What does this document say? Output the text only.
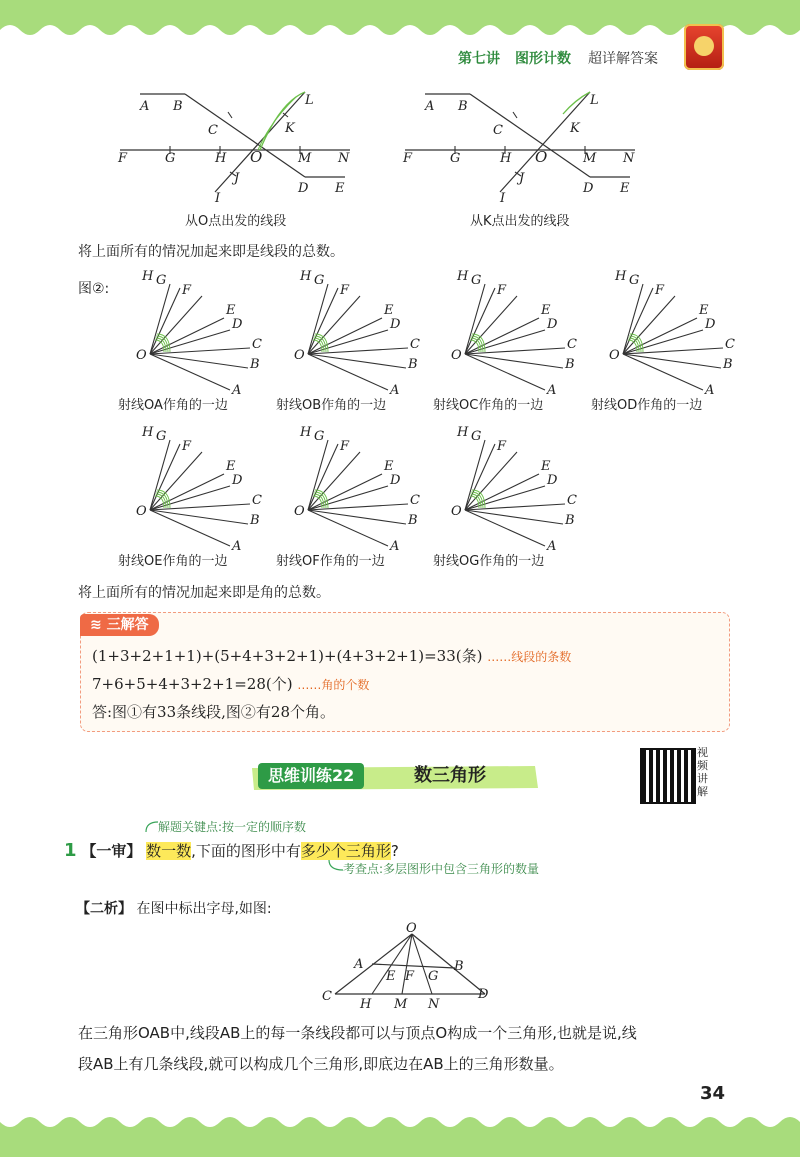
第七讲 图形计数 超详解答案
A B
C	K
L
F	G	H O	M N
I
J
D E
从O点出发的线段
A B
C	K
L
F	G	H O	M N
I
J
D E
从K点出发的线段
将上面所有的情况加起来即是线段的总数。
图②:
H G
F
E
D
C
B
A
O
射线OA作角的一边
H G
F
E
D
C
B
A
O
射线OB作角的一边
H G
F
E
D
C
B
A
O
射线OC作角的一边
H G
F
E
D
C
B
A
O
射线OD作角的一边
H G
F
E
D
C
B
A
O
射线OE作角的一边
H G
F
E
D
C
B
A
O
射线OF作角的一边
H G
F
E
D
C
B
A
O
射线OG作角的一边
将上面所有的情况加起来即是角的总数。
≋ 三解答
(1+3+2+1+1)+(5+4+3+2+1)+(4+3+2+1)=33(条) ……线段的条数
7+6+5+4+3+2+1=28(个) ……角的个数
答:图①有33条线段,图②有28个角。
思维训练22	数三角形
视频讲解
解题关键点:按一定的顺序数
1 【一审】 数一数,下面的图形中有多少个三角形?
考查点:多层图形中包含三角形的数量
【二析】 在图中标出字母,如图:
O
A	B
E F G
C
H M N
D
在三角形OAB中,线段AB上的每一条线段都可以与顶点O构成一个三角形,也就是说,线
段AB上有几条线段,就可以构成几个三角形,即底边在AB上的三角形数量。
34
